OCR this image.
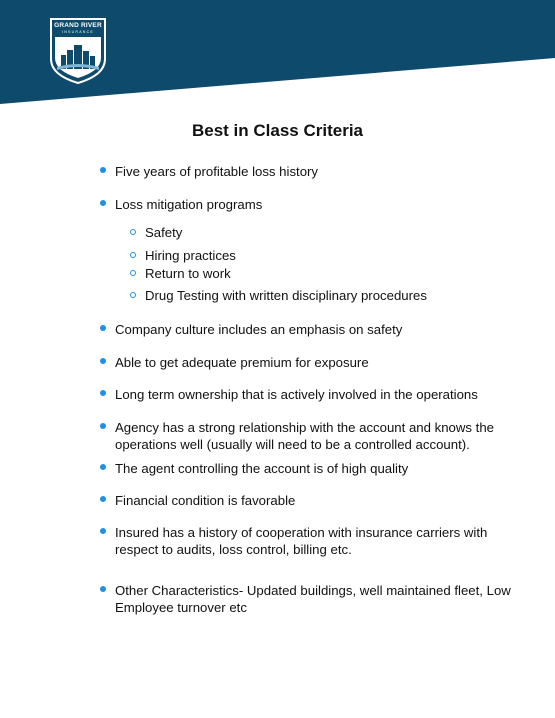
GRAND RIVER
INSURANCE
Best in Class Criteria
Five years of profitable loss history
Loss mitigation programs
Safety
Hiring practices
Return to work
Drug Testing with written disciplinary procedures
Company culture includes an emphasis on safety
Able to get adequate premium for exposure
Long term ownership that is actively involved in the operations
Agency has a strong relationship with the account and knows the
operations well (usually will need to be a controlled account).
The agent controlling the account is of high quality
Financial condition is favorable
Insured has a history of cooperation with insurance carriers with
respect to audits, loss control, billing etc.
Other Characteristics- Updated buildings, well maintained fleet, Low
Employee turnover etc
